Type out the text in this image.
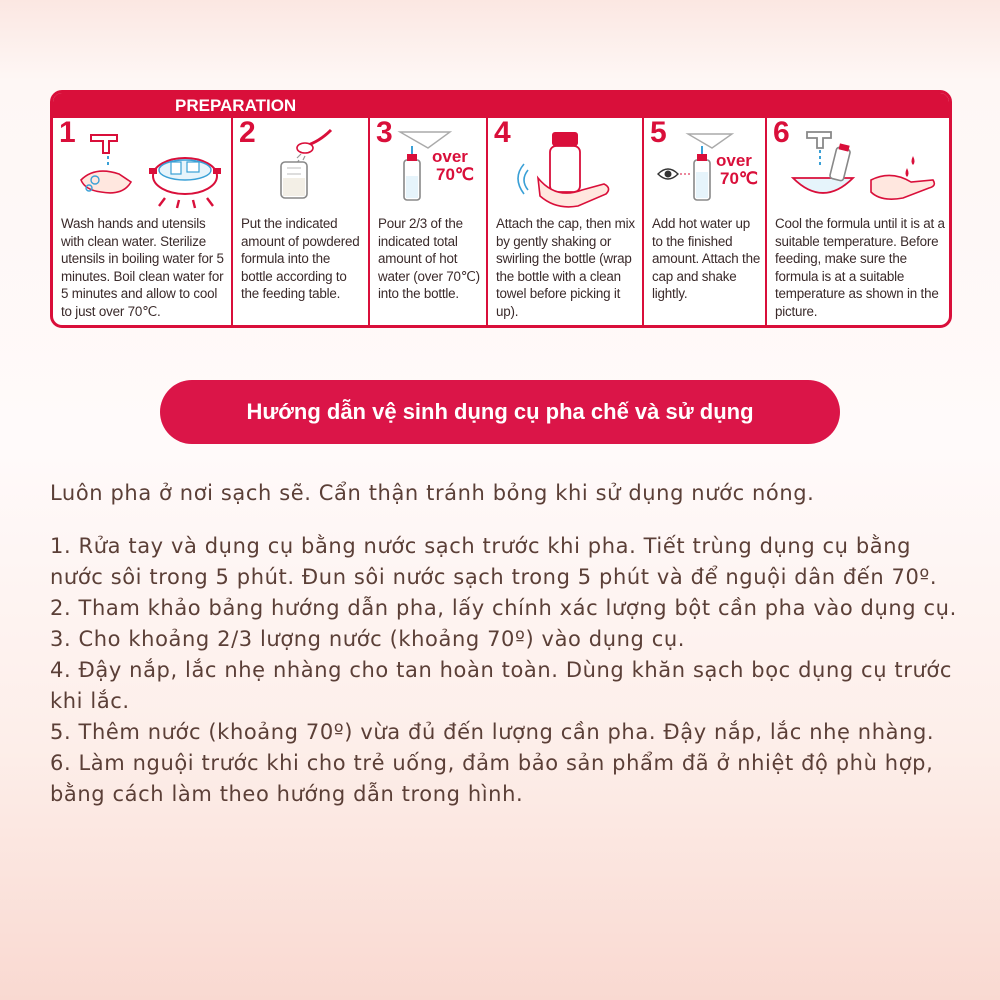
PREPARATION
1
Wash hands and utensils with clean water. Sterilize utensils in boiling water for 5 minutes. Boil clean water for 5 minutes and allow to cool to just over 70℃.
2
Put the indicated amount of powdered formula into the bottle according to the feeding table.
over
70℃
3
Pour 2/3 of the indicated total amount of hot water (over 70℃) into the bottle.
4
Attach the cap, then mix by gently shaking or swirling the bottle (wrap the bottle with a clean towel before picking it up).
over
70℃
5
Add hot water up to the finished amount. Attach the cap and shake lightly.
6
Cool the formula until it is at a suitable temperature. Before feeding, make sure the formula is at a suitable temperature as shown in the picture.
Hướng dẫn vệ sinh dụng cụ pha chế và sử dụng
Luôn pha ở nơi sạch sẽ. Cẩn thận tránh bỏng khi sử dụng nước nóng.
1. Rửa tay và dụng cụ bằng nước sạch trước khi pha. Tiết trùng dụng cụ bằng nước sôi trong 5 phút. Đun sôi nước sạch trong 5 phút và để nguội dân đến 70º.
2. Tham khảo bảng hướng dẫn pha, lấy chính xác lượng bột cần pha vào dụng cụ.
3. Cho khoảng 2/3 lượng nước (khoảng 70º) vào dụng cụ.
4. Đậy nắp, lắc nhẹ nhàng cho tan hoàn toàn. Dùng khăn sạch bọc dụng cụ trước khi lắc.
5. Thêm nước (khoảng 70º) vừa đủ đến lượng cần pha. Đậy nắp, lắc nhẹ nhàng.
6. Làm nguội trước khi cho trẻ uống, đảm bảo sản phẩm đã ở nhiệt độ phù hợp, bằng cách làm theo hướng dẫn trong hình.
